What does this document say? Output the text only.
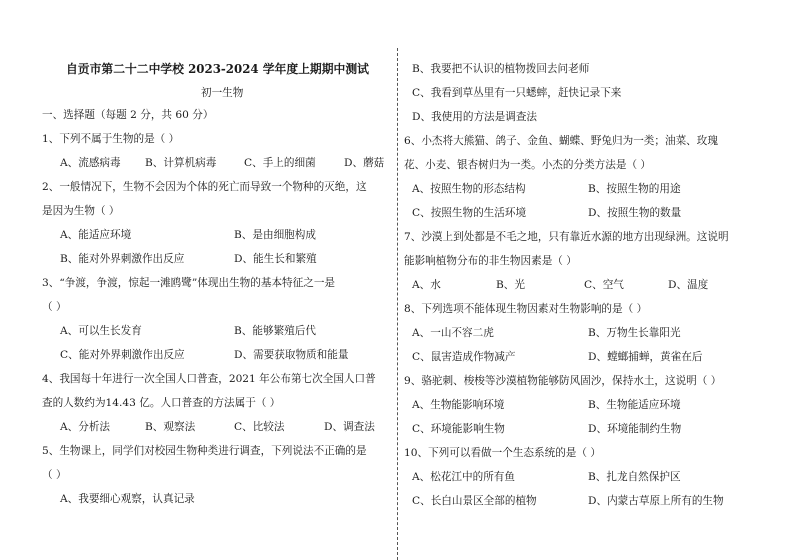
自贡市第二十二中学校 2023-2024 学年度上期期中测试
初一生物
一、选择题（每题 2 分，共 60 分）
1、下列不属于生物的是（ ）
A、流感病毒 B、计算机病毒	C、手上的细菌	D、蘑菇
2、一般情况下，生物不会因为个体的死亡而导致一个物种的灭绝，这
是因为生物（ ）
A、能适应环境	B、是由细胞构成
B、能对外界刺激作出反应	D、能生长和繁殖
3、“争渡，争渡，惊起一滩鸥鹭”体现出生物的基本特征之一是
（ ）
A、可以生长发育	B、能够繁殖后代
C、能对外界刺激作出反应	D、需要获取物质和能量
4、我国每十年进行一次全国人口普查，2021 年公布第七次全国人口普
查的人数约为14.43 亿。人口普查的方法属于（ ）
A、分析法	B、观察法	C、比较法	D、调查法
5、生物课上，同学们对校园生物种类进行调查，下列说法不正确的是
（ ）
A、我要细心观察，认真记录
B、我要把不认识的植物拨回去问老师
C、我看到草丛里有一只蟋蟀，赶快记录下来
D、我使用的方法是调查法
6、小杰将大熊猫、鸽子、金鱼、蝴蝶、野兔归为一类；油菜、玫瑰
花、小麦、银杏树归为一类。小杰的分类方法是（ ）
A、按照生物的形态结构	B、按照生物的用途
C、按照生物的生活环境	D、按照生物的数量
7、沙漠上到处都是不毛之地，只有靠近水源的地方出现绿洲。这说明
能影响植物分布的非生物因素是（ ）
A、水	B、光	C、空气	D、温度
8、下列选项不能体现生物因素对生物影响的是（ ）
A、一山不容二虎	B、万物生长靠阳光
C、鼠害造成作物减产	D、螳螂捕蝉，黄雀在后
9、骆驼刺、梭梭等沙漠植物能够防风固沙，保持水土，这说明（ ）
A、生物能影响环境	B、生物能适应环境
C、环境能影响生物	D、环境能制约生物
10、下列可以看做一个生态系统的是（ ）
A、松花江中的所有鱼	B、扎龙自然保护区
C、长白山景区全部的植物	D、内蒙古草原上所有的生物
